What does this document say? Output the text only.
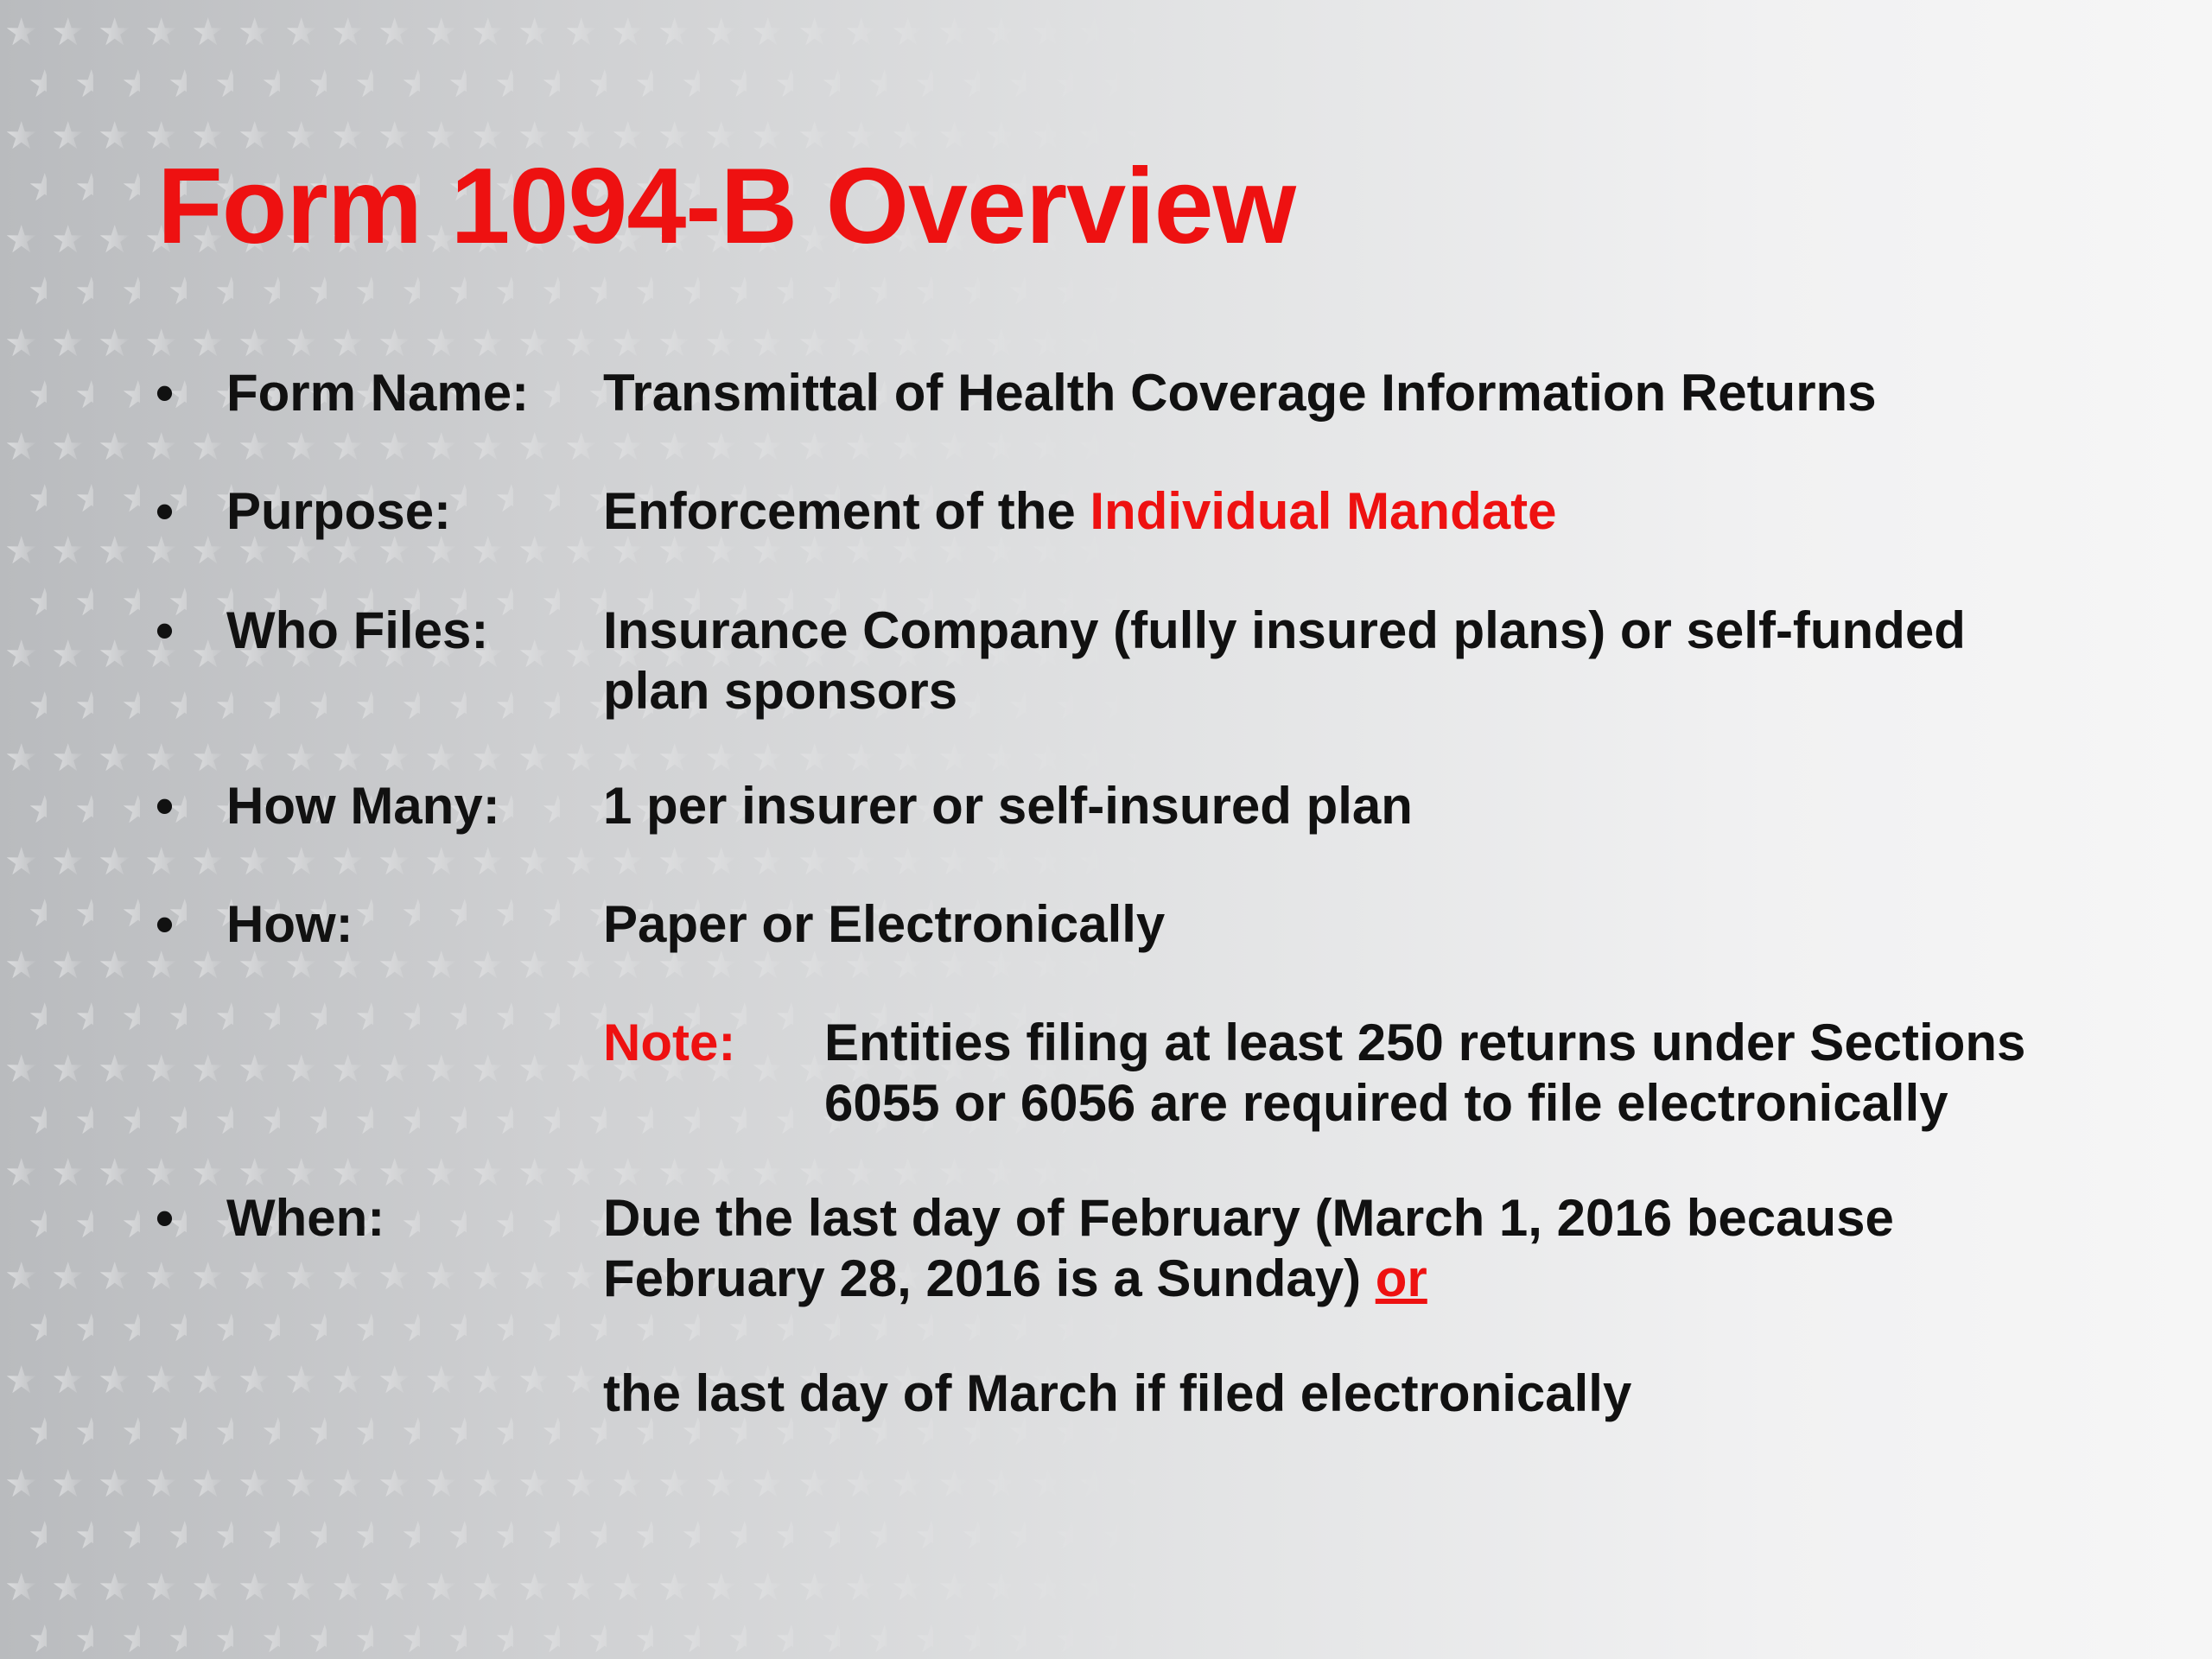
Form 1094-B Overview
• Form Name: Transmittal of Health Coverage Information Returns
• Purpose:	Enforcement of the Individual Mandate
• Who Files: Insurance Company (fully insured plans) or self-funded
plan sponsors
• How Many: 1 per insurer or self-insured plan
• How:	Paper or Electronically
Note: Entities filing at least 250 returns under Sections
6055 or 6056 are required to file electronically
• When:	Due the last day of February (March 1, 2016 because
February 28, 2016 is a Sunday) or
the last day of March if filed electronically
